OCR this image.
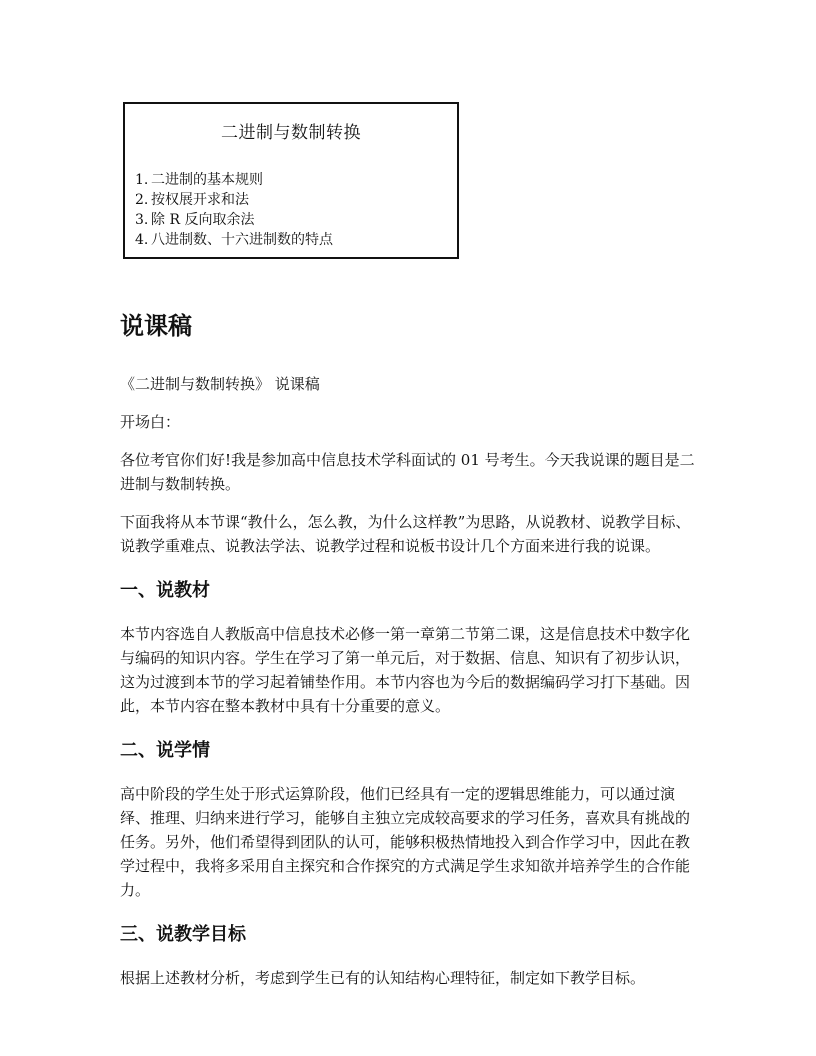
二进制与数制转换
1. 二进制的基本规则
2. 按权展开求和法
3. 除 R 反向取余法
4. 八进制数、十六进制数的特点
说课稿

《二进制与数制转换》 说课稿

开场白：

各位考官你们好!我是参加高中信息技术学科面试的 01 号考生。今天我说课的题目是二进制与数制转换。

下面我将从本节课“教什么，怎么教，为什么这样教”为思路，从说教材、说教学目标、说教学重难点、说教法学法、说教学过程和说板书设计几个方面来进行我的说课。

一、说教材

本节内容选自人教版高中信息技术必修一第一章第二节第二课，这是信息技术中数字化与编码的知识内容。学生在学习了第一单元后，对于数据、信息、知识有了初步认识，这为过渡到本节的学习起着铺垫作用。本节内容也为今后的数据编码学习打下基础。因此，本节内容在整本教材中具有十分重要的意义。

二、说学情

高中阶段的学生处于形式运算阶段，他们已经具有一定的逻辑思维能力，可以通过演绎、推理、归纳来进行学习，能够自主独立完成较高要求的学习任务，喜欢具有挑战的任务。另外，他们希望得到团队的认可，能够积极热情地投入到合作学习中，因此在教学过程中，我将多采用自主探究和合作探究的方式满足学生求知欲并培养学生的合作能力。

三、说教学目标

根据上述教材分析，考虑到学生已有的认知结构心理特征，制定如下教学目标。
